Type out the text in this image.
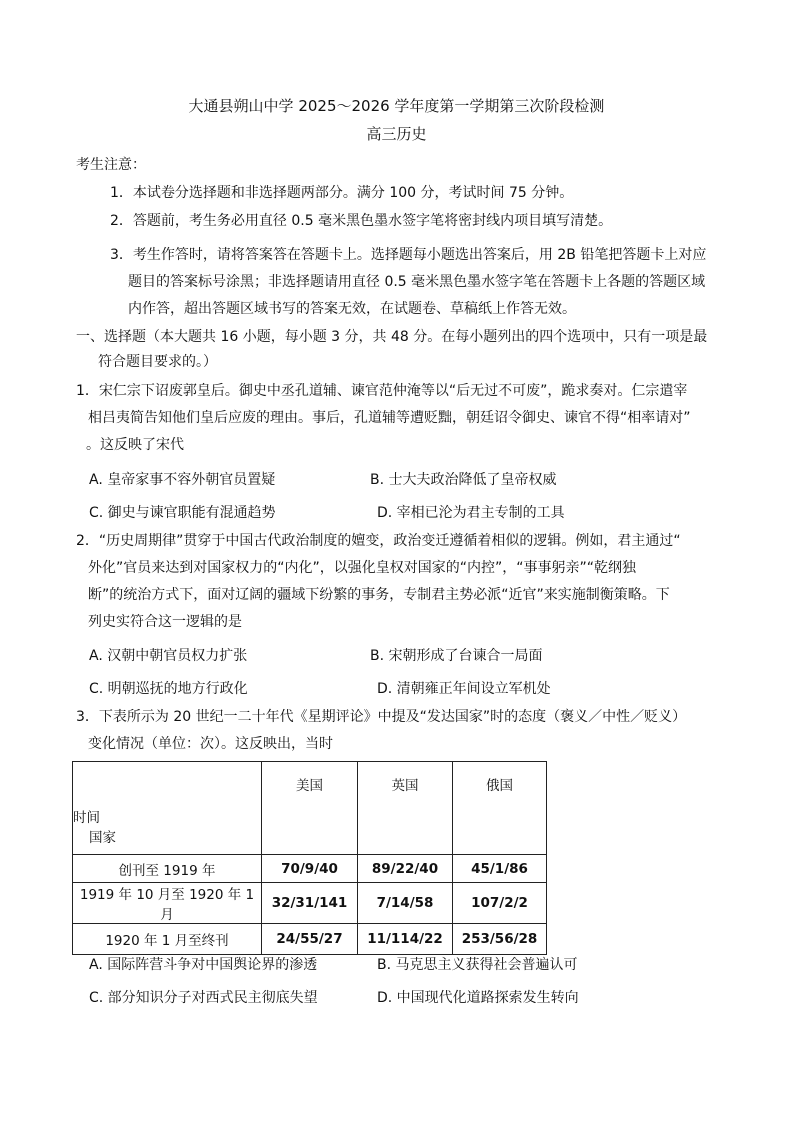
大通县朔山中学 2025～2026 学年度第一学期第三次阶段检测
高三历史
考生注意：
1．本试卷分选择题和非选择题两部分。满分 100 分，考试时间 75 分钟。
2．答题前，考生务必用直径 0.5 毫米黑色墨水签字笔将密封线内项目填写清楚。
3．考生作答时，请将答案答在答题卡上。选择题每小题选出答案后，用 2B 铅笔把答题卡上对应
题目的答案标号涂黑；非选择题请用直径 0.5 毫米黑色墨水签字笔在答题卡上各题的答题区域
内作答，超出答题区域书写的答案无效，在试题卷、草稿纸上作答无效。
一、选择题（本大题共 16 小题，每小题 3 分，共 48 分。在每小题列出的四个选项中，只有一项是最
符合题目要求的。）
1．宋仁宗下诏废郭皇后。御史中丞孔道辅、谏官范仲淹等以“后无过不可废”，跪求奏对。仁宗遣宰
相吕夷简告知他们皇后应废的理由。事后，孔道辅等遭贬黜，朝廷诏令御史、谏官不得“相率请对”
。这反映了宋代
A. 皇帝家事不容外朝官员置疑	B. 士大夫政治降低了皇帝权威
C. 御史与谏官职能有混通趋势	D. 宰相已沦为君主专制的工具
2．“历史周期律”贯穿于中国古代政治制度的嬗变，政治变迁遵循着相似的逻辑。例如，君主通过“
外化”官员来达到对国家权力的“内化”，以强化皇权对国家的“内控”，“事事躬亲”“乾纲独
断”的统治方式下，面对辽阔的疆域下纷繁的事务，专制君主势必派“近官”来实施制衡策略。下
列史实符合这一逻辑的是
A. 汉朝中朝官员权力扩张	B. 宋朝形成了台谏合一局面
C. 明朝巡抚的地方行政化	D. 清朝雍正年间设立军机处
3．下表所示为 20 世纪一二十年代《星期评论》中提及“发达国家”时的态度（褒义／中性／贬义）
变化情况（单位：次）。这反映出，当时
时间
国家	美国	英国	俄国
创刊至 1919 年	70/9/40	89/22/40	45/1/86
1919 年 10 月至 1920 年 1 月	32/31/141	7/14/58	107/2/2
1920 年 1 月至终刊	24/55/27	11/114/22	253/56/28
A. 国际阵营斗争对中国舆论界的渗透	B. 马克思主义获得社会普遍认可
C. 部分知识分子对西式民主彻底失望	D. 中国现代化道路探索发生转向
